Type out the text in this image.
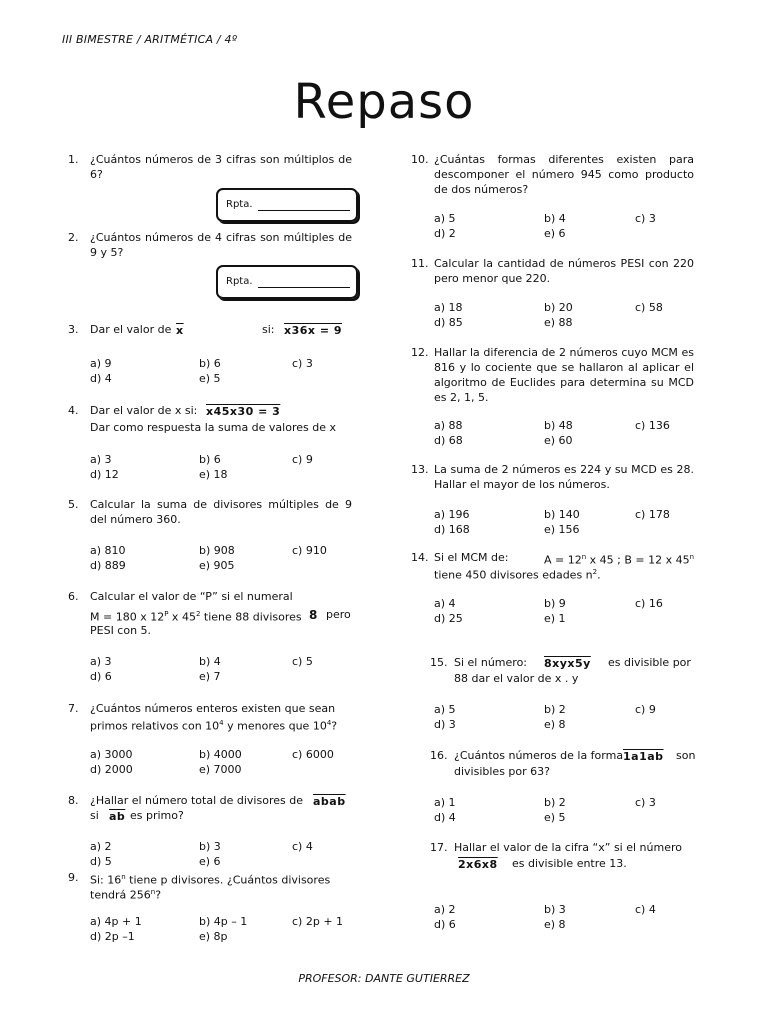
III BIMESTRE / ARITMÉTICA / 4º
Repaso
1. ¿Cuántos números de 3 cifras son múltiplos de 6?
Rpta.
2. ¿Cuántos números de 4 cifras son múltiples de 9 y 5?
Rpta.
3. Dar el valor de $\overline{x}$	si: x36x = 9
a) 9	b) 6	c) 3
d) 4	e) 5
4. Dar el valor de x si: x45x30 = 3
Dar como respuesta la suma de valores de x
a) 3	b) 6	c) 9
d) 12	e) 18
5. Calcular la suma de divisores múltiples de 9 del número 360.
a) 810	b) 908	c) 910
d) 889	e) 905
6. Calcular el valor de “P” si el numeral
M = 180 x $12^P$ x $45^2$ tiene 88 divisores 8 pero
PESI con 5.
a) 3	b) 4	c) 5
d) 6	e) 7
7. ¿Cuántos números enteros existen que sean
primos relativos con $10^4$ y menores que $10^4$?
a) 3000	b) 4000	c) 6000
d) 2000	e) 7000
8. ¿Hallar el número total de divisores de abab
si $\overline{ab}$ es primo?
a) 2	b) 3	c) 4
d) 5	e) 6
9. Si: 16$^n$ tiene p divisores. ¿Cuántos divisores
tendrá 256$^n$?
a) 4p + 1	b) 4p – 1	c) 2p + 1
d) 2p –1	e) 8p
10. ¿Cuántas formas diferentes existen para descomponer el número 945 como producto de dos números?
a) 5	b) 4	c) 3
d) 2	e) 6
11. Calcular la cantidad de números PESI con 220 pero menor que 220.
a) 18	b) 20	c) 58
d) 85	e) 88
12. Hallar la diferencia de 2 números cuyo MCM es 816 y lo cociente que se hallaron al aplicar el algoritmo de Euclides para determina su MCD es 2, 1, 5.
a) 88	b) 48	c) 136
d) 68	e) 60
13. La suma de 2 números es 224 y su MCD es 28. Hallar el mayor de los números.
a) 196	b) 140	c) 178
d) 168	e) 156
14. Si el MCM de:	$A = 12^n$ x 45 ; B = 12 x 45$^n$
tiene 450 divisores edades $n^2$.
a) 4	b) 9	c) 16
d) 25	e) 1
15. Si el número: 8xyx5y es divisible por
88 dar el valor de x . y
a) 5	b) 2	c) 9
d) 3	e) 8
16. ¿Cuántos números de la forma 1a1ab son
divisibles por 63?
a) 1	b) 2	c) 3
d) 4	e) 5
17. Hallar el valor de la cifra “x” si el número
2x6x8 es divisible entre 13.
a) 2	b) 3	c) 4
d) 6	e) 8
PROFESOR: DANTE GUTIERREZ
